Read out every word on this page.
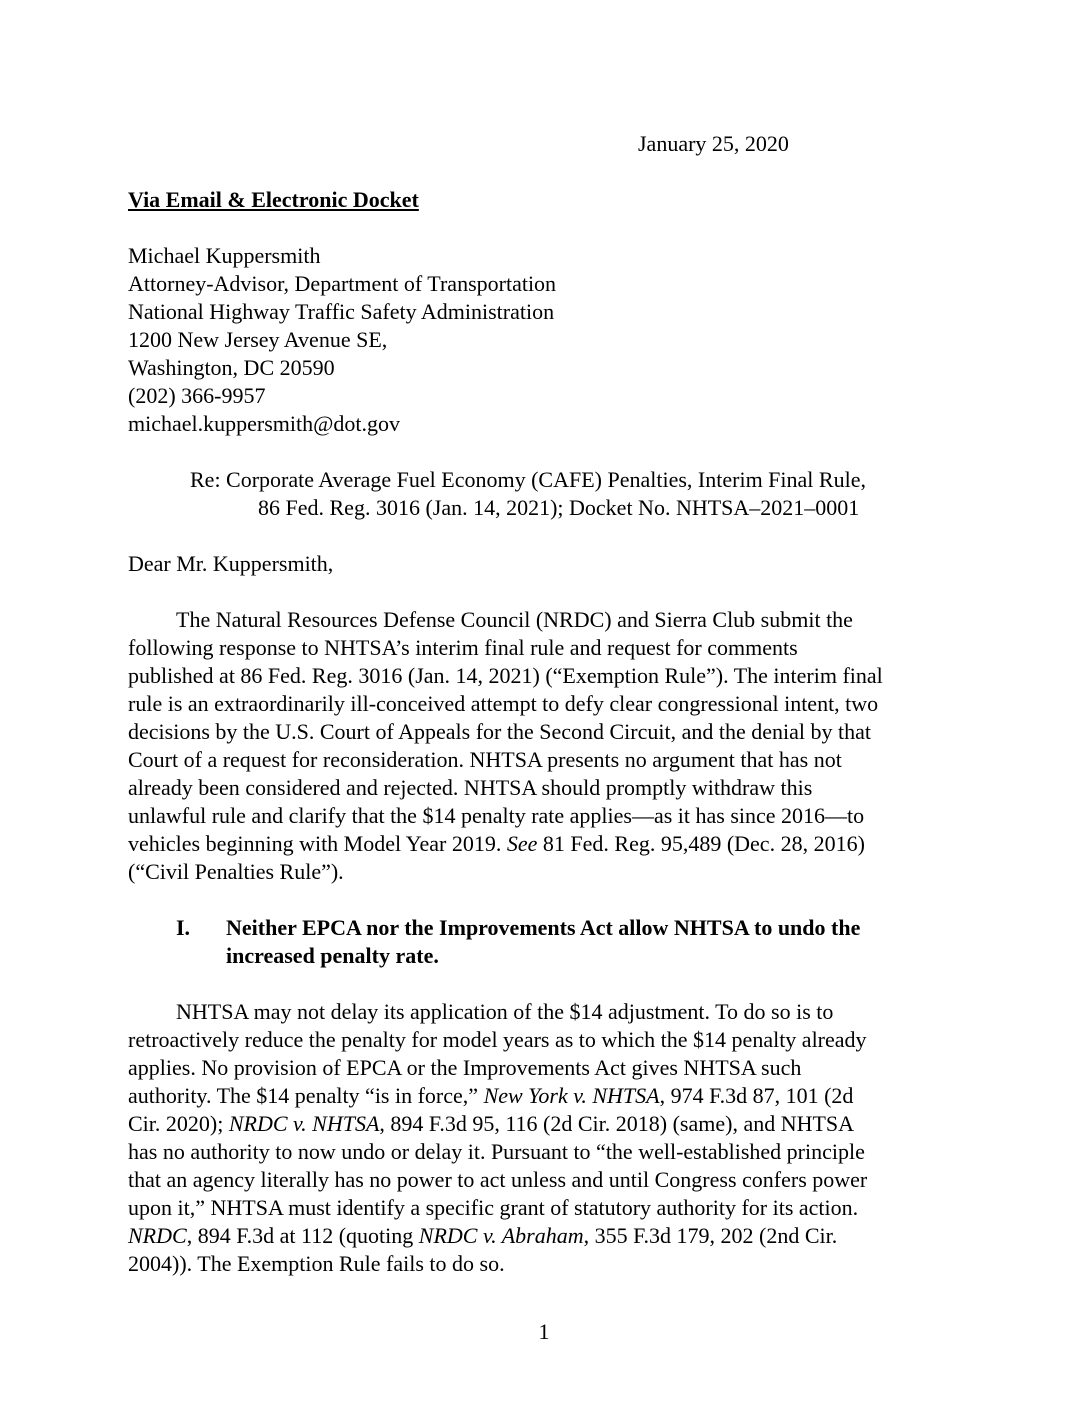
January 25, 2020
Via Email & Electronic Docket
Michael Kuppersmith
Attorney-Advisor, Department of Transportation
National Highway Traffic Safety Administration
1200 New Jersey Avenue SE,
Washington, DC 20590
(202) 366-9957
michael.kuppersmith@dot.gov
Re: Corporate Average Fuel Economy (CAFE) Penalties, Interim Final Rule,
86 Fed. Reg. 3016 (Jan. 14, 2021); Docket No. NHTSA–2021–0001
Dear Mr. Kuppersmith,
The Natural Resources Defense Council (NRDC) and Sierra Club submit the
following response to NHTSA’s interim final rule and request for comments
published at 86 Fed. Reg. 3016 (Jan. 14, 2021) (“Exemption Rule”). The interim final
rule is an extraordinarily ill-conceived attempt to defy clear congressional intent, two
decisions by the U.S. Court of Appeals for the Second Circuit, and the denial by that
Court of a request for reconsideration. NHTSA presents no argument that has not
already been considered and rejected. NHTSA should promptly withdraw this
unlawful rule and clarify that the $14 penalty rate applies—as it has since 2016—to
vehicles beginning with Model Year 2019. See 81 Fed. Reg. 95,489 (Dec. 28, 2016)
(“Civil Penalties Rule”).
I. Neither EPCA nor the Improvements Act allow NHTSA to undo the
increased penalty rate.
NHTSA may not delay its application of the $14 adjustment. To do so is to
retroactively reduce the penalty for model years as to which the $14 penalty already
applies. No provision of EPCA or the Improvements Act gives NHTSA such
authority. The $14 penalty “is in force,” New York v. NHTSA, 974 F.3d 87, 101 (2d
Cir. 2020); NRDC v. NHTSA, 894 F.3d 95, 116 (2d Cir. 2018) (same), and NHTSA
has no authority to now undo or delay it. Pursuant to “the well-established principle
that an agency literally has no power to act unless and until Congress confers power
upon it,” NHTSA must identify a specific grant of statutory authority for its action.
NRDC, 894 F.3d at 112 (quoting NRDC v. Abraham, 355 F.3d 179, 202 (2nd Cir.
2004)). The Exemption Rule fails to do so.
1
